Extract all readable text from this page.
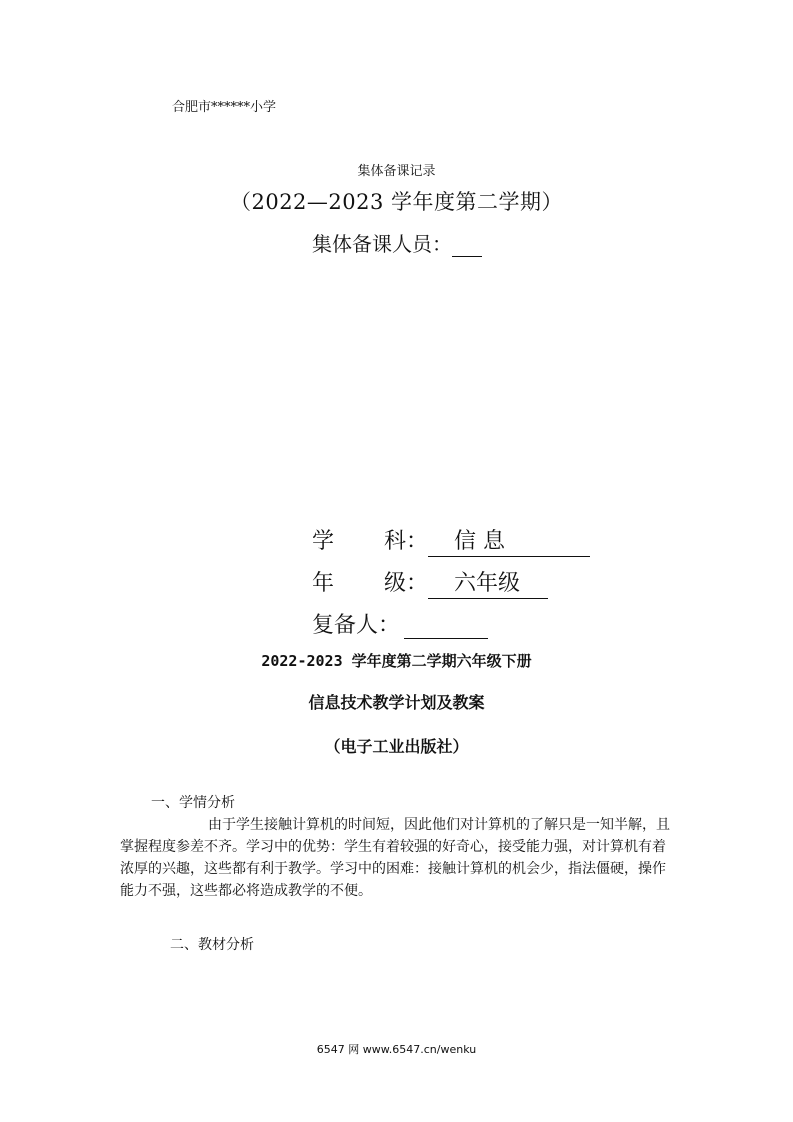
合肥市******小学
集体备课记录
（2022—2023 学年度第二学期）
集体备课人员：
学 科： 信 息
年 级： 六年级
复备人：
2022-2023 学年度第二学期六年级下册
信息技术教学计划及教案
（电子工业出版社）
一、学情分析
由于学生接触计算机的时间短，因此他们对计算机的了解只是一知半解，且掌握程度参差不齐。学习中的优势：学生有着较强的好奇心，接受能力强，对计算机有着浓厚的兴趣，这些都有利于教学。学习中的困难：接触计算机的机会少，指法僵硬，操作能力不强，这些都必将造成教学的不便。
二、教材分析
6547 网 www.6547.cn/wenku
